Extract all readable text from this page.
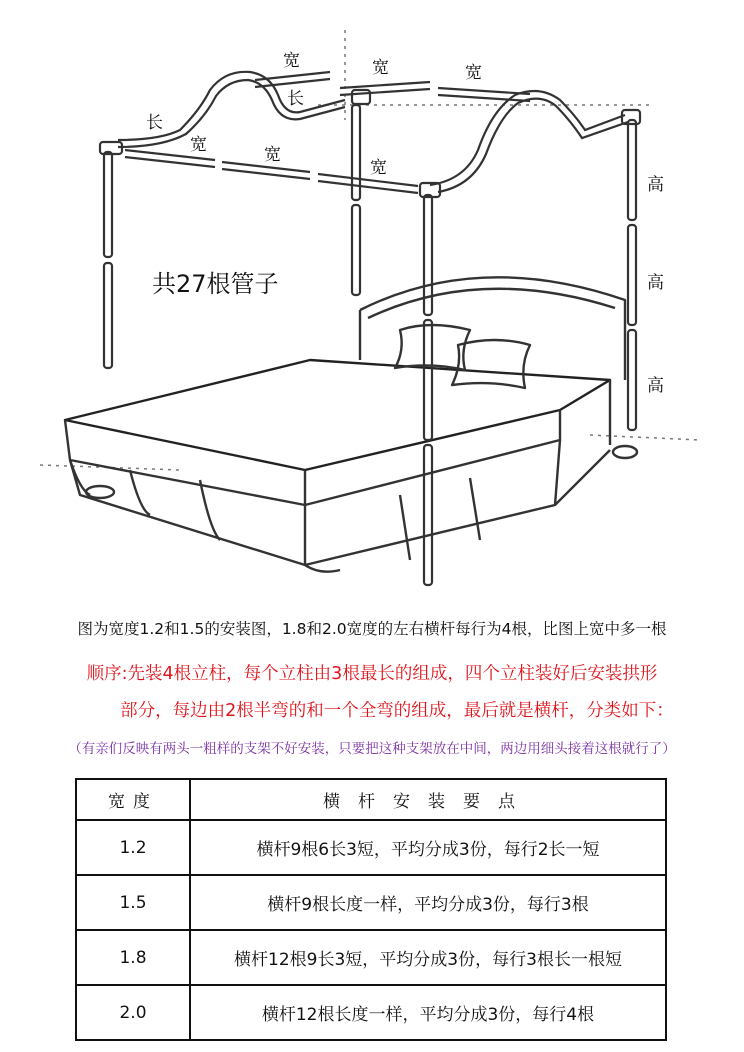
宽	宽	宽
长
长
宽	宽
宽
高
高
高
共27根管子
图为宽度1.2和1.5的安装图，1.8和2.0宽度的左右横杆每行为4根，比图上宽中多一根
顺序:先装4根立柱，每个立柱由3根最长的组成，四个立柱装好后安装拱形
部分，每边由2根半弯的和一个全弯的组成，最后就是横杆，分类如下：
（有亲们反映有两头一粗样的支架不好安装，只要把这种支架放在中间，两边用细头接着这根就行了）
宽度	横杆安装要点
1.2	横杆9根6长3短，平均分成3份，每行2长一短
1.5	横杆9根长度一样，平均分成3份，每行3根
1.8	横杆12根9长3短，平均分成3份，每行3根长一根短
2.0	横杆12根长度一样，平均分成3份，每行4根
